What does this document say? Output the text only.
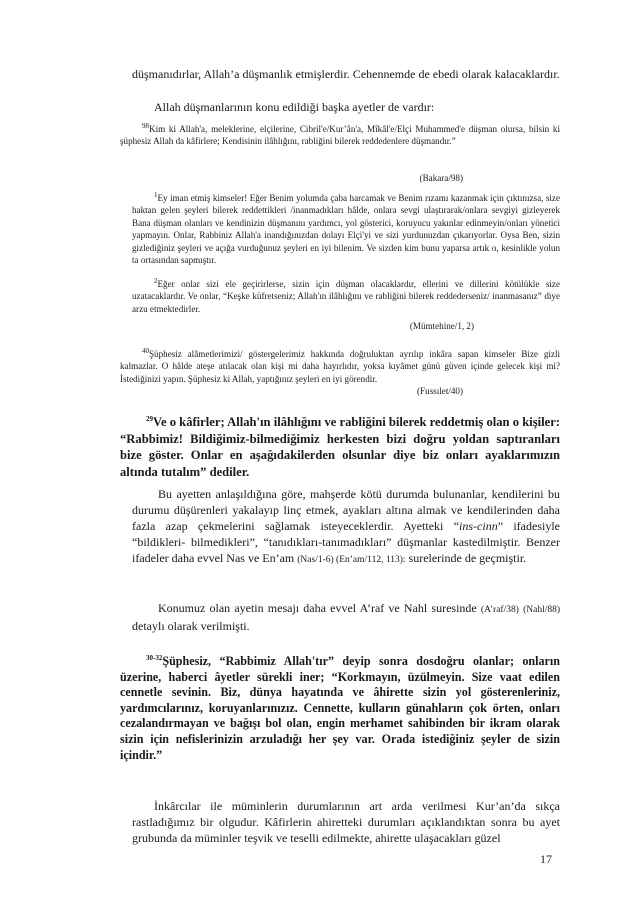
düşmanıdırlar, Allah’a düşmanlık etmişlerdir. Cehennemde de ebedi olarak kalacaklardır.

Allah düşmanlarının konu edildiği başka ayetler de vardır:

$^{98}$Kim ki Allah'a, meleklerine, elçilerine, Cibril'e/Kur’ân'a, Mîkâl'e/Elçi Muhammed'e düşman olursa, bilsin ki şüphesiz Allah da kâfirlere; Kendisinin ilâhlığını, rabliğini bilerek reddedenlere düşmandır.”

(Bakara/98)

$^1$Ey iman etmiş kimseler! Eğer Benim yolumda çaba harcamak ve Benim rızamı kazanmak için çıktınızsa, size haktan gelen şeyleri bilerek reddettikleri /inanmadıkları hâlde, onlara sevgi ulaştırarak/onlara sevgiyi gizleyerek Bana düşman olanları ve kendinizin düşmanını yardımcı, yol gösterici, koruyucu yakınlar edinmeyin/onları yönetici yapmayın. Onlar, Rabbiniz Allah'a inandığınızdan dolayı Elçi'yi ve sizi yurdunuzdan çıkarıyorlar. Oysa Ben, sizin gizlediğiniz şeyleri ve açığa vurduğunuz şeyleri en iyi bilenim. Ve sizden kim bunu yaparsa artık o, kesinlikle yolun ta ortasından sapmıştır.

$^2$Eğer onlar sizi ele geçirirlerse, sizin için düşman olacaklardır, ellerini ve dillerini kötülükle size uzatacaklardır. Ve onlar, “Keşke küfretseniz; Allah'ın ilâhlığını ve rabliğini bilerek reddederseniz/ inanmasanız” diye arzu etmektedirler.

(Mümtehine/1, 2)

$^{40}$Şüphesiz alâmetlerimizi/ göstergelerimiz hakkında doğruluktan ayrılıp inkâra sapan kimseler Bize gizli kalmazlar. O hâlde ateşe atılacak olan kişi mi daha hayırlıdır, yoksa kıyâmet günü güven içinde gelecek kişi mi? İstediğinizi yapın. Şüphesiz ki Allah, yaptığınız şeyleri en iyi görendir.

(Fussılet/40)

$^{29}$Ve o kâfirler; Allah'ın ilâhlığını ve rabliğini bilerek reddetmiş olan o kişiler: “Rabbimiz! Bildiğimiz-bilmediğimiz herkesten bizi doğru yoldan saptıranları bize göster. Onlar en aşağıdakilerden olsunlar diye biz onları ayaklarımızın altında tutalım” dediler.

Bu ayetten anlaşıldığına göre, mahşerde kötü durumda bulunanlar, kendilerini bu durumu düşürenleri yakalayıp linç etmek, ayakları altına almak ve kendilerinden daha fazla azap çekmelerini sağlamak isteyeceklerdir. Ayetteki “ins-cinn” ifadesiyle “bildikleri- bilmedikleri”, “tanıdıkları-tanımadıkları” düşmanlar kastedilmiştir. Benzer ifadeler daha evvel Nas ve En’am (Nas/1-6) (En’am/112, 113): surelerinde de geçmiştir.

Konumuz olan ayetin mesajı daha evvel A’raf ve Nahl suresinde (A’raf/38) (Nahl/88) detaylı olarak verilmişti.

$^{30-32}$Şüphesiz, “Rabbimiz Allah'tır” deyip sonra dosdoğru olanlar; onların üzerine, haberci âyetler sürekli iner; “Korkmayın, üzülmeyin. Size vaat edilen cennetle sevinin. Biz, dünya hayatında ve âhirette sizin yol gösterenleriniz, yardımcılarınız, koruyanlarınızız. Cennette, kulların günahların çok örten, onları cezalandırmayan ve bağışı bol olan, engin merhamet sahibinden bir ikram olarak sizin için nefislerinizin arzuladığı her şey var. Orada istediğiniz şeyler de sizin içindir.”

İnkârcılar ile müminlerin durumlarının art arda verilmesi Kur’an’da sıkça rastladığımız bir olgudur. Kâfirlerin ahiretteki durumları açıklandıktan sonra bu ayet grubunda da müminler teşvik ve teselli edilmekte, ahirette ulaşacakları güzel

17
